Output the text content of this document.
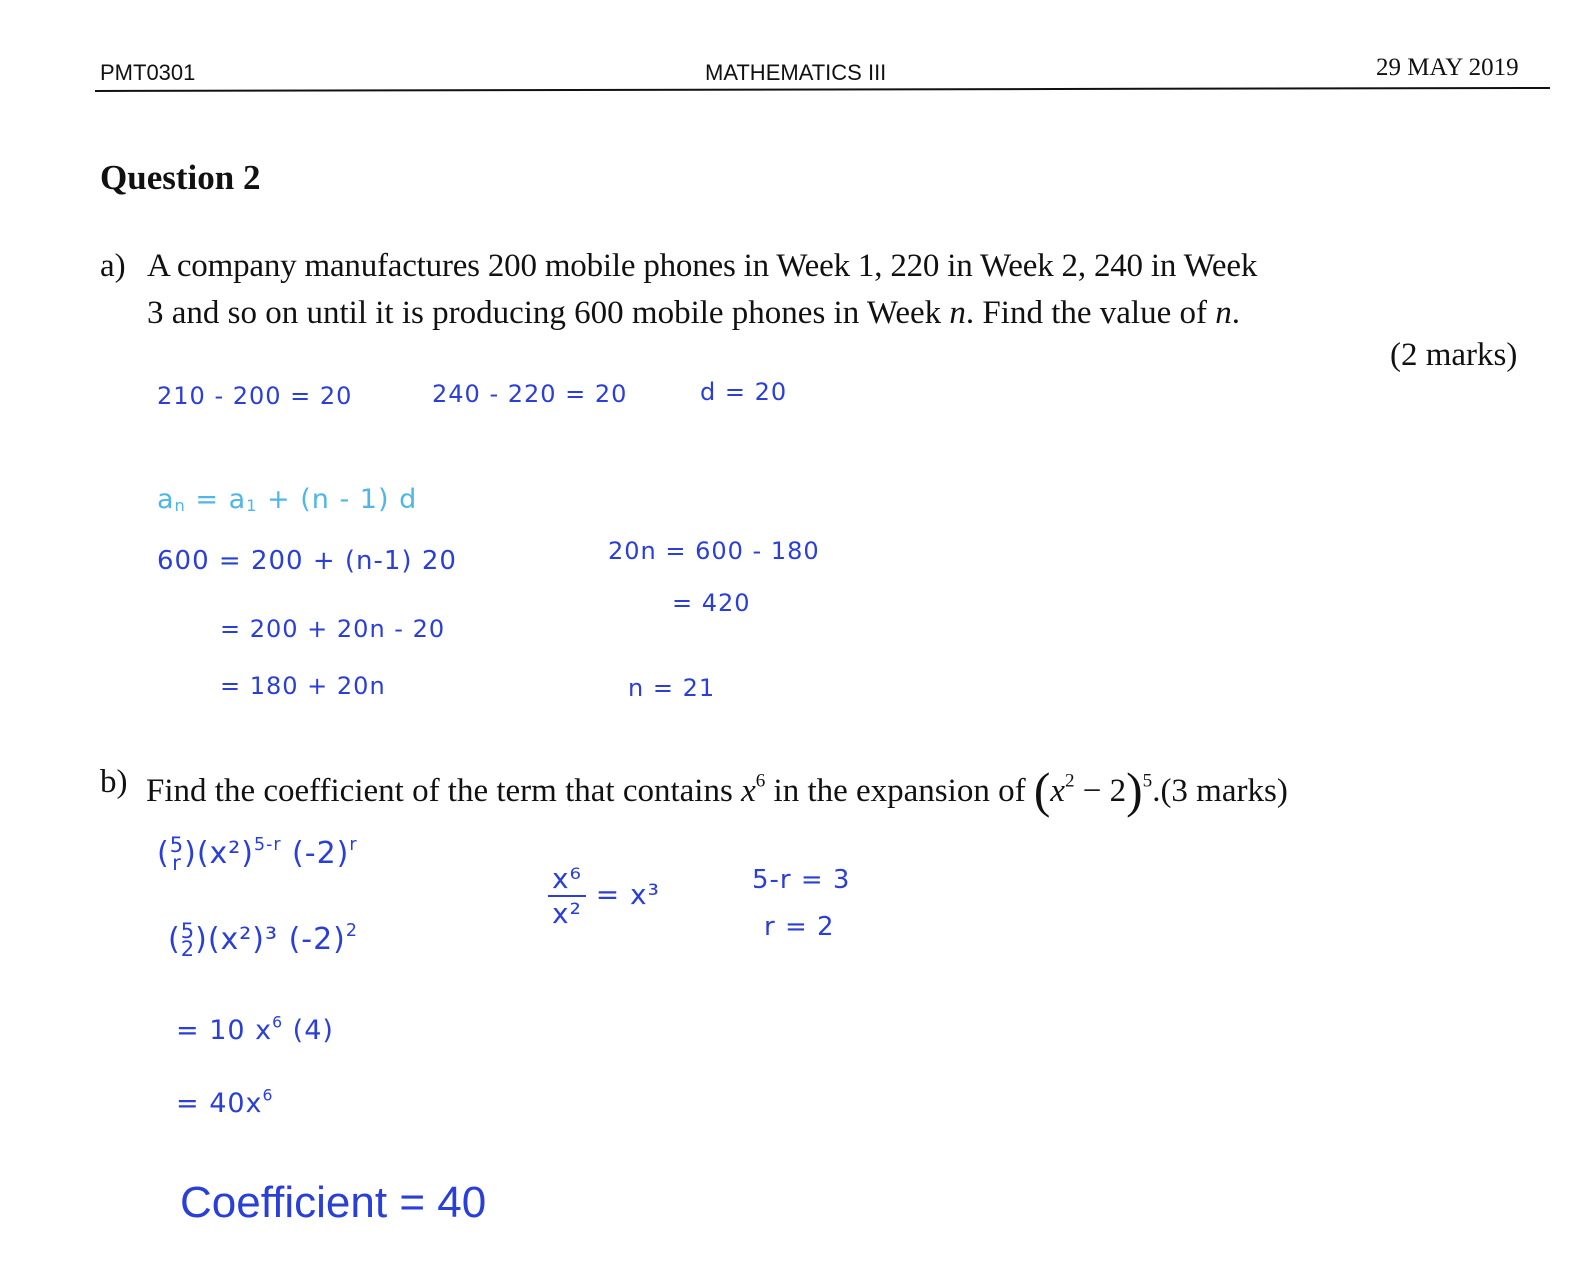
PMT0301	MATHEMATICS III	29 MAY 2019
Question 2
a) A company manufactures 200 mobile phones in Week 1, 220 in Week 2, 240 in Week
3 and so on until it is producing 600 mobile phones in Week n. Find the value of n.
(2 marks)
210 - 200 = 20	240 - 220 = 20	d = 20
$a_n = a_1 + (n - 1)$ d
600 = 200 + (n-1) 20
= 200 + 20n - 20
= 180 + 20n
20n = 600 - 180
= 420
n = 21
b) Find the coefficient of the term that contains $x^6$ in the expansion of $(x^2 - 2)^5.(3$ marks)
(5
$r)(x^2)^{5-r}$ $(-2)^r$
(5
2)(x²)³ $(-2)^2$
$\frac{\text{x⁶}}{\text{x²}} = x^3$	5-r = 3
r = 2
= 10 $x^6$ (4)
= $40x^6$
Coefficient = 40
